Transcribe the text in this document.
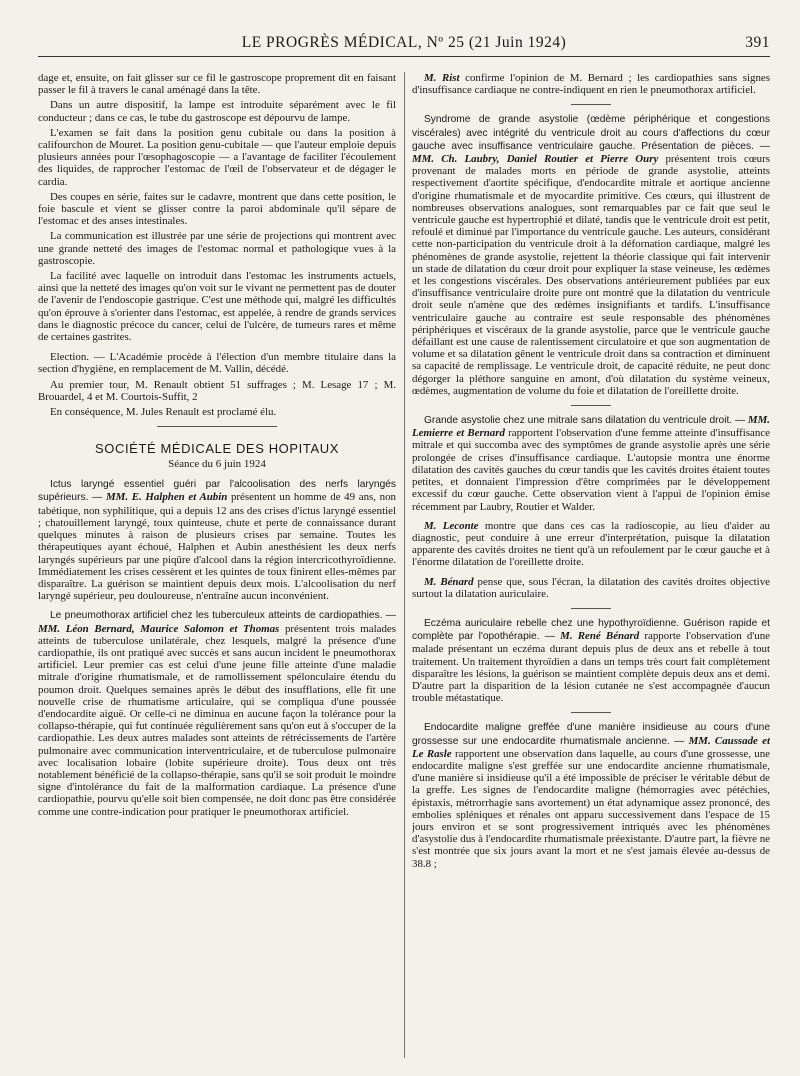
LE PROGRÈS MÉDICAL, Nº 25 (21 Juin 1924)	391

dage et, ensuite, on fait glisser sur ce fil le gastroscope proprement dit en faisant passer le fil à travers le canal aménagé dans la tête.

Dans un autre dispositif, la lampe est introduite séparément avec le fil conducteur ; dans ce cas, le tube du gastroscope est dépourvu de lampe.

L'examen se fait dans la position genu cubitale ou dans la position à califourchon de Mouret. La position genu-cubitale — que l'auteur emploie depuis plusieurs années pour l'œsophagoscopie — a l'avantage de faciliter l'écoulement des liquides, de rapprocher l'estomac de l'œil de l'observateur et de dégager le cardia.

Des coupes en série, faites sur le cadavre, montrent que dans cette position, le foie bascule et vient se glisser contre la paroi abdominale qu'il sépare de l'estomac et des anses intestinales.

La communication est illustrée par une série de projections qui montrent avec une grande netteté des images de l'estomac normal et pathologique vues à la gastroscopie.

La facilité avec laquelle on introduit dans l'estomac les instruments actuels, ainsi que la netteté des images qu'on voit sur le vivant ne permettent pas de douter de l'avenir de l'endoscopie gastrique. C'est une méthode qui, malgré les difficultés qu'on éprouve à s'orienter dans l'estomac, est appelée, à rendre de grands services dans le diagnostic précoce du cancer, celui de l'ulcère, de tumeurs rares et même de certaines gastrites.

Election. — L'Académie procède à l'élection d'un membre titulaire dans la section d'hygiène, en remplacement de M. Vallin, décédé.

Au premier tour, M. Renault obtient 51 suffrages ; M. Lesage 17 ; M. Brouardel, 4 et M. Courtois-Suffit, 2

En conséquence, M. Jules Renault est proclamé élu.

SOCIÉTÉ MÉDICALE DES HOPITAUX
Séance du 6 juin 1924

Ictus laryngé essentiel guéri par l'alcoolisation des nerfs laryngés supérieurs. — MM. E. Halphen et Aubin présentent un homme de 49 ans, non tabétique, non syphilitique, qui a depuis 12 ans des crises d'ictus laryngé essentiel ; chatouillement laryngé, toux quinteuse, chute et perte de connaissance durant quelques minutes à raison de plusieurs crises par semaine. Toutes les thérapeutiques ayant échoué, Halphen et Aubin anesthésient les deux nerfs laryngés supérieurs par une piqûre d'alcool dans la région intercricothyroïdienne. Immédiatement les crises cessèrent et les quintes de toux finirent elles-mêmes par disparaître. La guérison se maintient depuis deux mois. L'alcoolisation du nerf laryngé supérieur, peu douloureuse, n'entraîne aucun inconvénient.

Le pneumothorax artificiel chez les tuberculeux atteints de cardiopathies. — MM. Léon Bernard, Maurice Salomon et Thomas présentent trois malades atteints de tuberculose unilatérale, chez lesquels, malgré la présence d'une cardiopathie, ils ont pratiqué avec succès et sans aucun incident le pneumothorax artificiel. Leur premier cas est celui d'une jeune fille atteinte d'une maladie mitrale d'origine rhumatismale, et de ramollissement spélonculaire étendu du poumon droit. Quelques semaines après le début des insufflations, elle fit une nouvelle crise de rhumatisme articulaire, qui se compliqua d'une poussée d'endocardite aiguë. Or celle-ci ne diminua en aucune façon la tolérance pour la collapso-thérapie, qui fut continuée régulièrement sans qu'on eut à s'occuper de la cardiopathie. Les deux autres malades sont atteints de rétrécissements de l'artère pulmonaire avec communication interventriculaire, et de tuberculose pulmonaire avec localisation lobaire (lobite supérieure droite). Tous deux ont très notablement bénéficié de la collapso-thérapie, sans qu'il se soit produit le moindre signe d'intolérance du fait de la malformation cardiaque. La présence d'une cardiopathie, pourvu qu'elle soit bien compensée, ne doit donc pas être considérée comme une contre-indication pour pratiquer le pneumothorax artificiel.

M. Rist confirme l'opinion de M. Bernard ; les cardiopathies sans signes d'insuffisance cardiaque ne contre-indiquent en rien le pneumothorax artificiel.

Syndrome de grande asystolie (œdème périphérique et congestions viscérales) avec intégrité du ventricule droit au cours d'affections du cœur gauche avec insuffisance ventriculaire gauche. Présentation de pièces. — MM. Ch. Laubry, Daniel Routier et Pierre Oury présentent trois cœurs provenant de malades morts en période de grande asystolie, atteints respectivement d'aortite spécifique, d'endocardite mitrale et aortique ancienne d'origine rhumatismale et de myocardite primitive. Ces cœurs, qui illustrent de nombreuses observations analogues, sont remarquables par ce fait que seul le ventricule gauche est hypertrophié et dilaté, tandis que le ventricule droit est petit, refoulé et diminué par l'importance du ventricule gauche. Les auteurs, considérant cette non-participation du ventricule droit à la défornation cardiaque, malgré les phénomènes de grande asystolie, rejettent la théorie classique qui fait intervenir un stade de dilatation du cœur droit pour expliquer la stase veineuse, les œdèmes et les congestions viscérales. Des observations antérieurement publiées par eux d'insuffisance ventriculaire droite pure ont montré que la dilatation du ventricule droit seule n'amène que des œdèmes insignifiants et tardifs. L'insuffisance ventriculaire gauche au contraire est seule responsable des phénomènes périphériques et viscéraux de la grande asystolie, parce que le ventricule gauche défaillant est une cause de ralentissement circulatoire et que son augmentation de volume et sa dilatation gênent le ventricule droit dans sa contraction et diminuent sa capacité de remplissage. Le ventricule droit, de capacité réduite, ne peut donc dégorger la pléthore sanguine en amont, d'où dilatation du système veineux, œdèmes, augmentation de volume du foie et dilatation de l'oreillette droite.

Grande asystolie chez une mitrale sans dilatation du ventricule droit. — MM. Lemierre et Bernard rapportent l'observation d'une femme atteinte d'insuffisance mitrale et qui succomba avec des symptômes de grande asystolie après une série prolongée de crises d'insuffisance cardiaque. L'autopsie montra une énorme dilatation des cavités gauches du cœur tandis que les cavités droites étaient toutes petites, et donnaient l'impression d'être comprimées par le développement excessif du cœur gauche. Cette observation vient à l'appui de l'opinion émise récemment par Laubry, Routier et Walder.

M. Leconte montre que dans ces cas la radioscopie, au lieu d'aider au diagnostic, peut conduire à une erreur d'interprétation, puisque la dilatation apparente des cavités droites ne tient qu'à un refoulement par le cœur gauche et à l'énorme dilatation de l'oreillette droite.

M. Bénard pense que, sous l'écran, la dilatation des cavités droites objective surtout la dilatation auriculaire.

Eczéma auriculaire rebelle chez une hypothyroïdienne. Guérison rapide et complète par l'opothérapie. — M. René Bénard rapporte l'observation d'une malade présentant un eczéma durant depuis plus de deux ans et rebelle à tout traitement. Un traitement thyroïdien a dans un temps très court fait complètement disparaître les lésions, la guérison se maintient complète depuis deux ans et demi. D'autre part la disparition de la lésion cutanée ne s'est accompagnée d'aucun trouble métastatique.

Endocardite maligne greffée d'une manière insidieuse au cours d'une grossesse sur une endocardite rhumatismale ancienne. — MM. Caussade et Le Rasle rapportent une observation dans laquelle, au cours d'une grossesse, une endocardite maligne s'est greffée sur une endocardite ancienne rhumatismale, d'une manière si insidieuse qu'il a été impossible de préciser le véritable début de la greffe. Les signes de l'endocardite maligne (hémorragies avec pétéchies, épistaxis, métrorrhagie sans avortement) un état adynamique assez prononcé, des embolies spléniques et rénales ont apparu successivement dans l'espace de 15 jours environ et se sont progressivement intriqués avec les phénomènes d'asystolie dus à l'endocardite rhumatismale préexistante. D'autre part, la fièvre ne s'est montrée que six jours avant la mort et ne s'est jamais élevée au-dessus de 38.8 ;
